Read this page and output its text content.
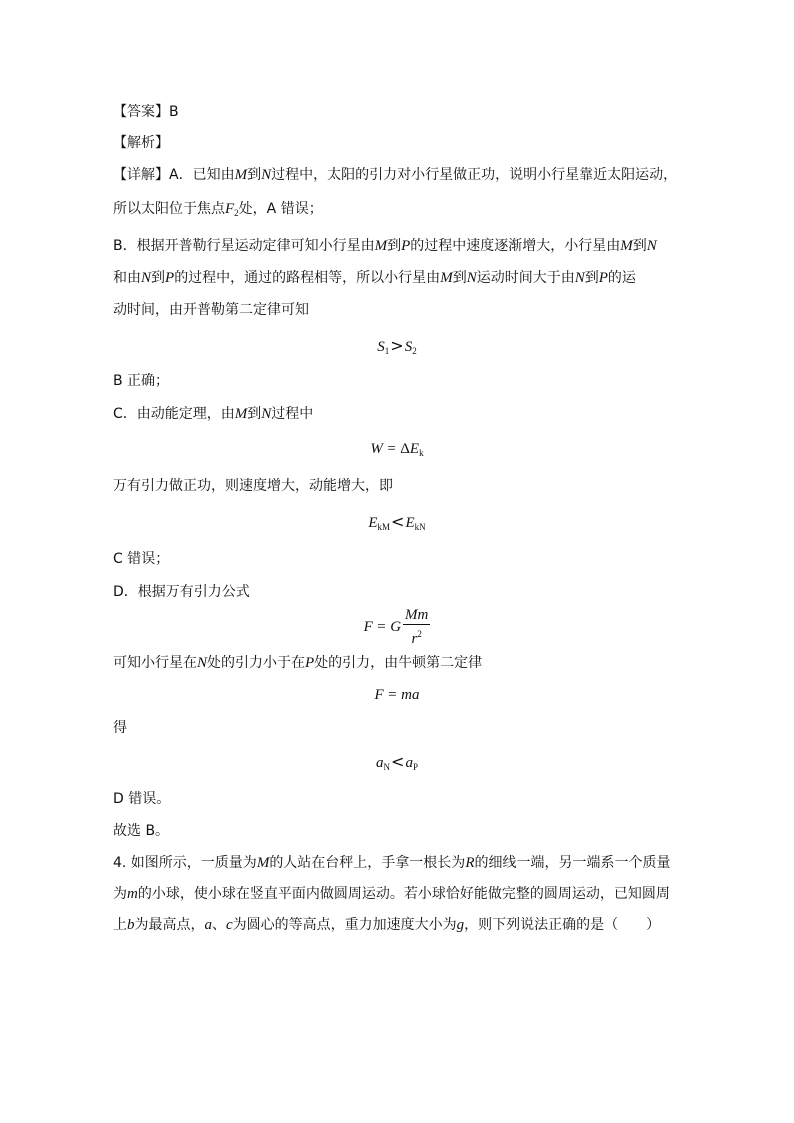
【答案】B
【解析】
【详解】A．已知由M到N过程中，太阳的引力对小行星做正功，说明小行星靠近太阳运动，
所以太阳位于焦点$F_2$处，A 错误；
B．根据开普勒行星运动定律可知小行星由M到P的过程中速度逐渐增大，小行星由M到N
和由N到P的过程中，通过的路程相等，所以小行星由M到N运动时间大于由N到P的运
动时间，由开普勒第二定律可知
$S_1>S_2$
B 正确；
C．由动能定理，由M到N过程中
$W = \Delta E_k$
万有引力做正功，则速度增大，动能增大，即
$E_{kM}<E_{kN}$
C 错误；
D．根据万有引力公式
F = G $\frac{Mm}{r^2}$
可知小行星在N处的引力小于在P处的引力，由牛顿第二定律
F = ma
得
$a_N<a_P$
D 错误。
故选 B。
4. 如图所示，一质量为M的人站在台秤上，手拿一根长为R的细线一端，另一端系一个质量
为m的小球，使小球在竖直平面内做圆周运动。若小球恰好能做完整的圆周运动，已知圆周
上b为最高点，a、c为圆心的等高点，重力加速度大小为g，则下列说法正确的是（　　）
